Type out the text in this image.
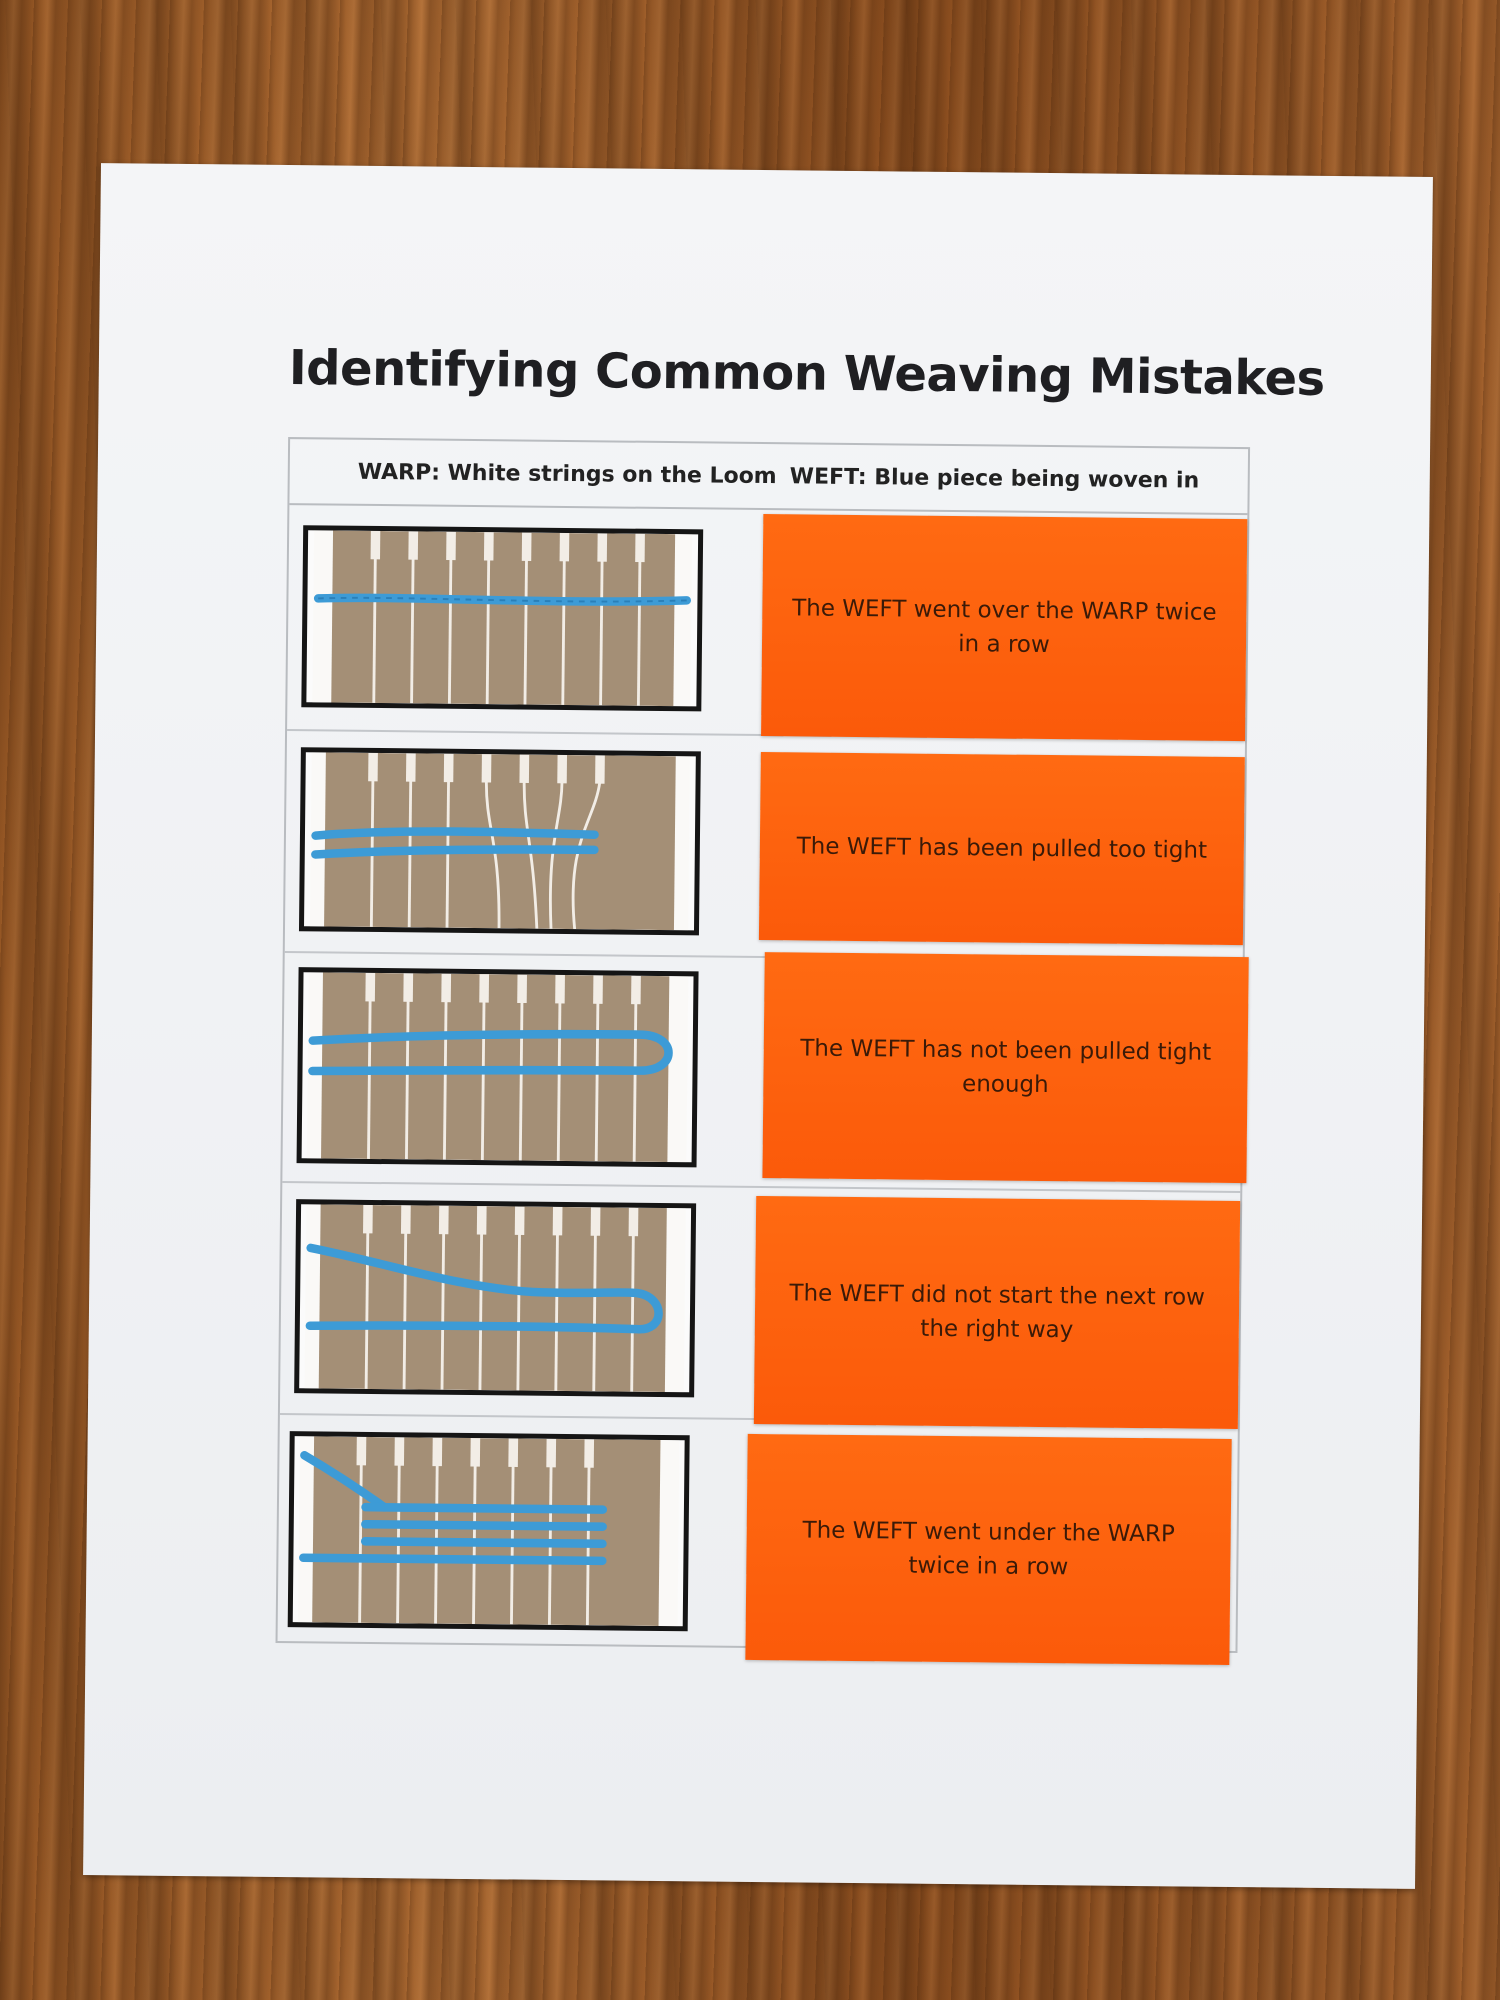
Identifying Common Weaving Mistakes
WARP: White strings on the Loom WEFT: Blue piece being woven in
The WEFT went over the WARP twice in a row
The WEFT has been pulled too tight
The WEFT has not been pulled tight enough
The WEFT did not start the next row the right way
The WEFT went under the WARP twice in a row
